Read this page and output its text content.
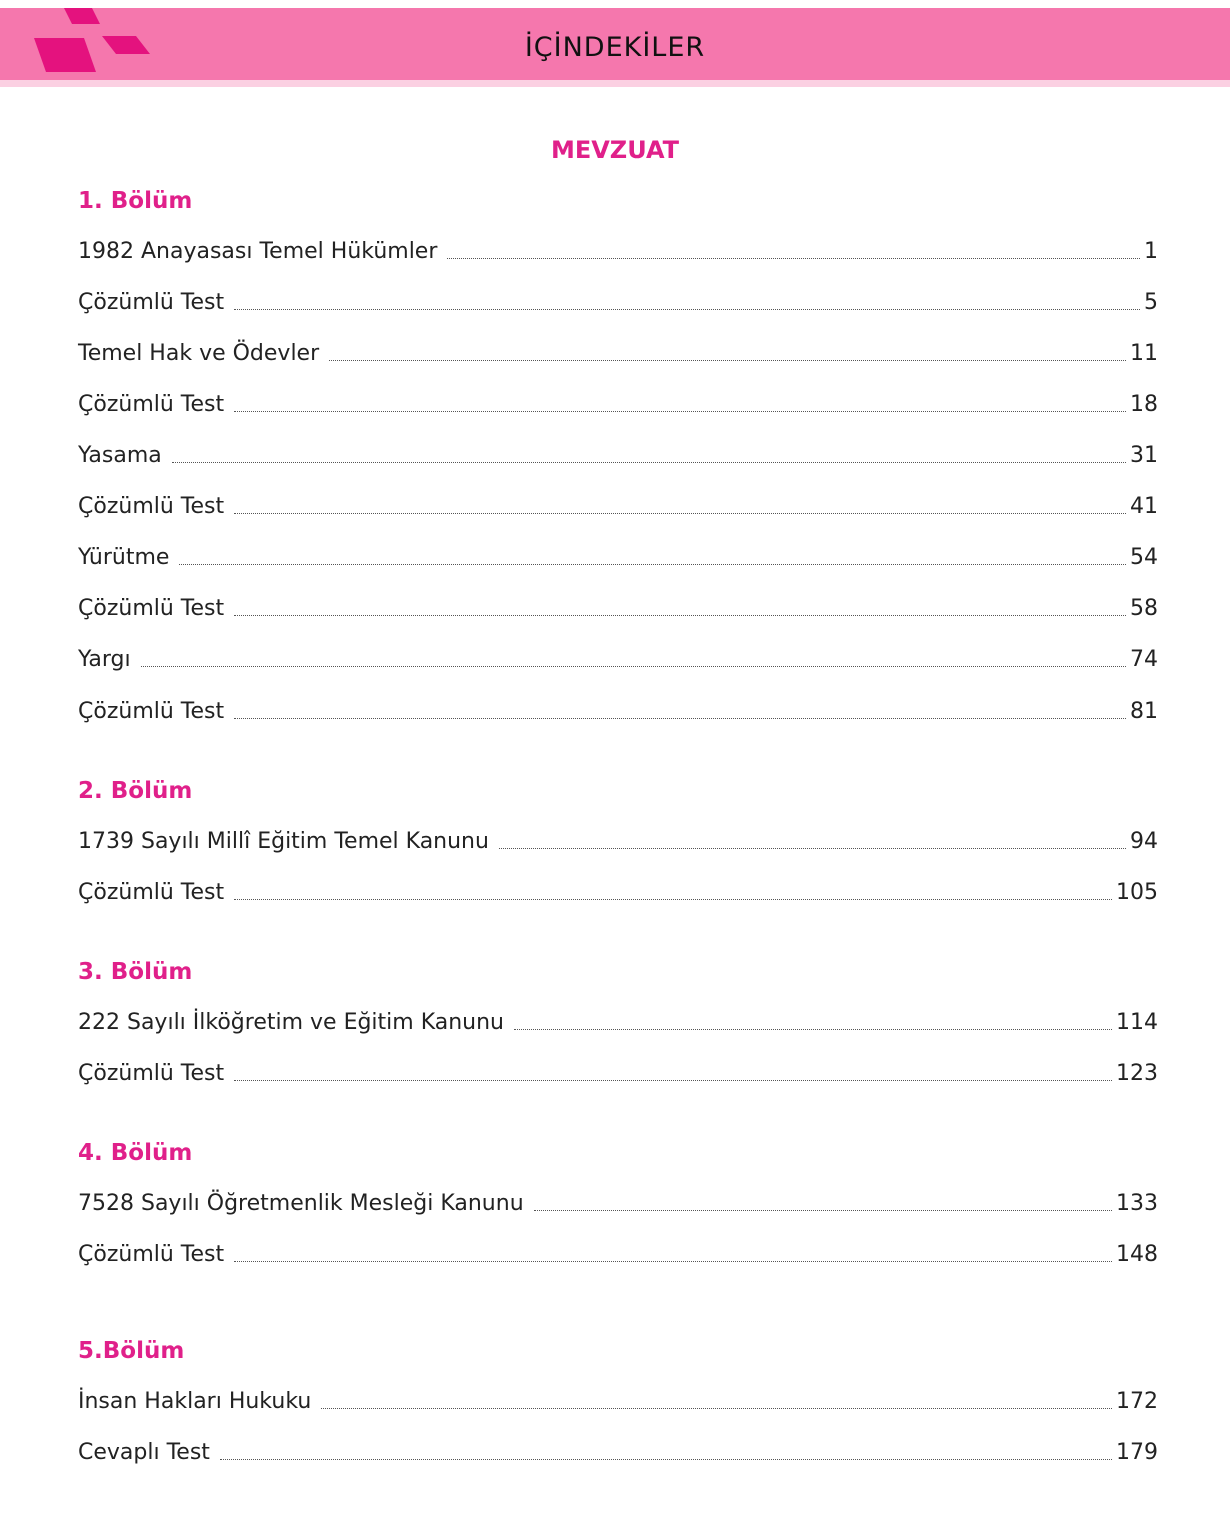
İÇİNDEKİLER
MEVZUAT
1. Bölüm
1982 Anayasası Temel Hükümler	1
Çözümlü Test	5
Temel Hak ve Ödevler	11
Çözümlü Test	18
Yasama	31
Çözümlü Test	41
Yürütme	54
Çözümlü Test	58
Yargı	74
Çözümlü Test	81
2. Bölüm
1739 Sayılı Millî Eğitim Temel Kanunu	94
Çözümlü Test	105
3. Bölüm
222 Sayılı İlköğretim ve Eğitim Kanunu	114
Çözümlü Test	123
4. Bölüm
7528 Sayılı Öğretmenlik Mesleği Kanunu	133
Çözümlü Test	148
5.Bölüm
İnsan Hakları Hukuku	172
Cevaplı Test	179
